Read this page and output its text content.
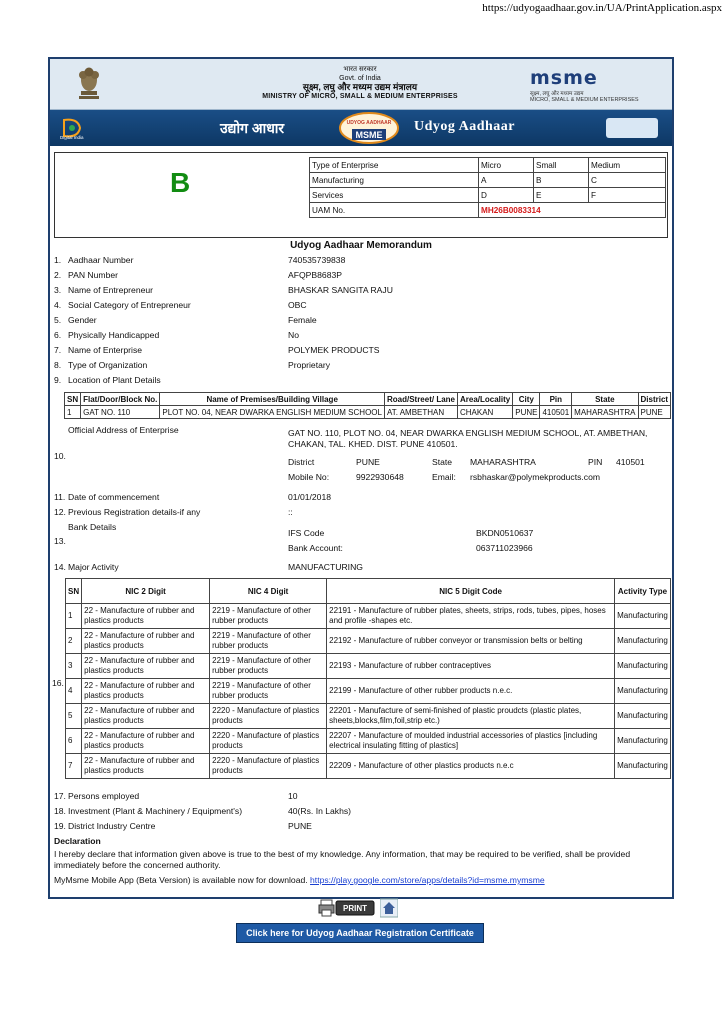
https://udyogaadhaar.gov.in/UA/PrintApplication.aspx
भारत सरकार
Govt. of India
सूक्ष्म, लघु और मध्यम उद्यम मंत्रालय
MINISTRY OF MICRO, SMALL & MEDIUM ENTERPRISES
msme
सूक्ष्म, लघु और मध्यम उद्यम
MICRO, SMALL & MEDIUM ENTERPRISES
Digital India
उद्योग आधार	UDYOG AADHAAR
MSME
Udyog Aadhaar
B
Type of Enterprise	Micro	Small	Medium
Manufacturing	A	B	C
Services	D	E	F
UAM No.	MH26B0083314		
Udyog Aadhaar Memorandum
1. Aadhaar Number	740535739838
2. PAN Number	AFQPB8683P
3. Name of Entrepreneur	BHASKAR SANGITA RAJU
4. Social Category of Entrepreneur	OBC
5. Gender	Female
6. Physically Handicapped	No
7. Name of Enterprise	POLYMEK PRODUCTS
8. Type of Organization	Proprietary
9. Location of Plant Details
SN	Flat/Door/Block No.	Name of Premises/Building Village	Road/Street/ Lane	Area/Locality	City	Pin	State	District
1	GAT NO. 110	PLOT NO. 04, NEAR DWARKA ENGLISH MEDIUM SCHOOL	AT. AMBETHAN	CHAKAN	PUNE	410501	MAHARASHTRA	PUNE
Official Address of Enterprise
10.
GAT NO. 110, PLOT NO. 04, NEAR DWARKA ENGLISH MEDIUM SCHOOL, AT. AMBETHAN, CHAKAN, TAL. KHED. DIST. PUNE 410501.
District	PUNE	State MAHARASHTRA	PIN 410501
Mobile No:	9922930648	Email: rsbhaskar@polymekproducts.com
11. Date of commencement	01/01/2018
12. Previous Registration details-if any	::
Bank Details
13.
IFS Code	BKDN0510637
Bank Account:	063711023966
14. Major Activity	MANUFACTURING
16.
SN	NIC 2 Digit	NIC 4 Digit	NIC 5 Digit Code	Activity Type
1	22 - Manufacture of rubber and plastics products	2219 - Manufacture of other rubber products	22191 - Manufacture of rubber plates, sheets, strips, rods, tubes, pipes, hoses and profile -shapes etc.	Manufacturing
2	22 - Manufacture of rubber and plastics products	2219 - Manufacture of other rubber products	22192 - Manufacture of rubber conveyor or transmission belts or belting	Manufacturing
3	22 - Manufacture of rubber and plastics products	2219 - Manufacture of other rubber products	22193 - Manufacture of rubber contraceptives	Manufacturing
4	22 - Manufacture of rubber and plastics products	2219 - Manufacture of other rubber products	22199 - Manufacture of other rubber products n.e.c.	Manufacturing
5	22 - Manufacture of rubber and plastics products	2220 - Manufacture of plastics products	22201 - Manufacture of semi-finished of plastic proudcts (plastic plates, sheets,blocks,film,foil,strip etc.)	Manufacturing
6	22 - Manufacture of rubber and plastics products	2220 - Manufacture of plastics products	22207 - Manufacture of moulded industrial accessories of plastics [including electrical insulating fitting of plastics]	Manufacturing
7	22 - Manufacture of rubber and plastics products	2220 - Manufacture of plastics products	22209 - Manufacture of other plastics products n.e.c	Manufacturing
17. Persons employed	10
18. Investment (Plant & Machinery / Equipment's)	40(Rs. In Lakhs)
19. District Industry Centre	PUNE
Declaration
I hereby declare that information given above is true to the best of my knowledge. Any information, that may be required to be verified, shall be provided immediately before the concerned authority.
MyMsme Mobile App (Beta Version) is available now for download. https://play.google.com/store/apps/details?id=msme.mymsme
PRINT
Click here for Udyog Aadhaar Registration Certificate
